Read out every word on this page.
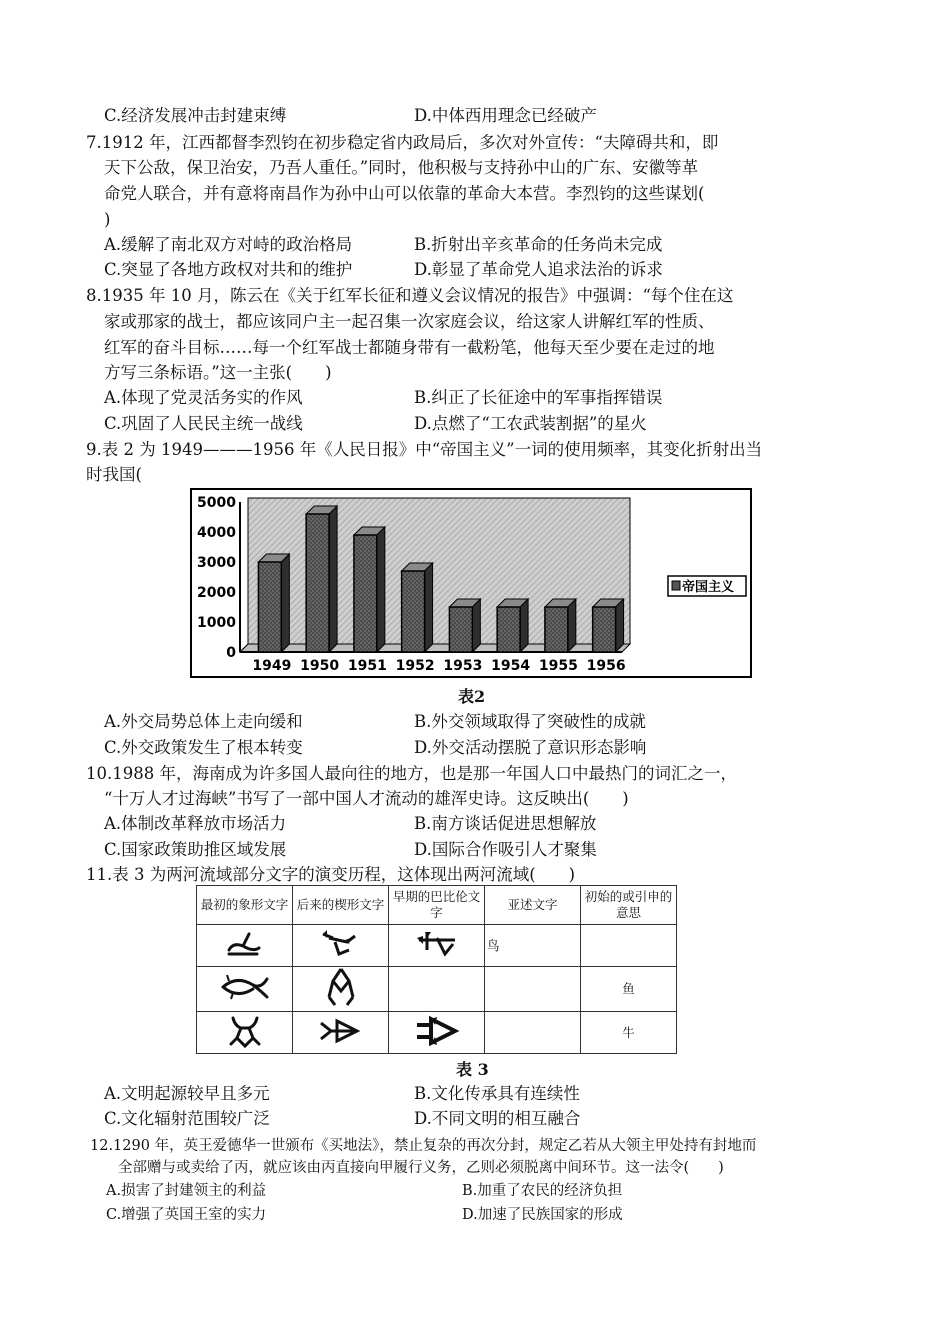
C.经济发展冲击封建束缚	D.中体西用理念已经破产
7.1912 年，江西都督李烈钧在初步稳定省内政局后，多次对外宣传：“夫障碍共和，即
天下公敌，保卫治安，乃吾人重任。”同时，他积极与支持孙中山的广东、安徽等革
命党人联合，并有意将南昌作为孙中山可以依靠的革命大本营。李烈钧的这些谋划(
)
A.缓解了南北双方对峙的政治格局	B.折射出辛亥革命的任务尚未完成
C.突显了各地方政权对共和的维护	D.彰显了革命党人追求法治的诉求
8.1935 年 10 月，陈云在《关于红军长征和遵义会议情况的报告》中强调：“每个住在这
家或那家的战士，都应该同户主一起召集一次家庭会议，给这家人讲解红军的性质、
红军的奋斗目标……每一个红军战士都随身带有一截粉笔，他每天至少要在走过的地
方写三条标语。”这一主张(　　)
A.体现了党灵活务实的作风	B.纠正了长征途中的军事指挥错误
C.巩固了人民民主统一战线	D.点燃了“工农武装割据”的星火
9.表 2 为 1949———1956 年《人民日报》中“帝国主义”一词的使用频率，其变化折射出当
时我国(
0
1000
2000
3000
4000
5000
1949 1950 1951 1952 1953 1954 1955 1956
帝国主义
表2
A.外交局势总体上走向缓和	B.外交领域取得了突破性的成就
C.外交政策发生了根本转变	D.外交活动摆脱了意识形态影响
10.1988 年，海南成为许多国人最向往的地方，也是那一年国人口中最热门的词汇之一，
“十万人才过海峡”书写了一部中国人才流动的雄浑史诗。这反映出(　　)
A.体制改革释放市场活力	B.南方谈话促进思想解放
C.国家政策助推区域发展	D.国际合作吸引人才聚集
11.表 3 为两河流域部分文字的演变历程，这体现出两河流域(　　)
最初的象形文字	后来的楔形文字	早期的巴比伦文字	亚述文字	初始的或引申的意思
			鸟	
				鱼
				牛
表 3
A.文明起源较早且多元	B.文化传承具有连续性
C.文化辐射范围较广泛	D.不同文明的相互融合
12.1290 年，英王爱德华一世颁布《买地法》，禁止复杂的再次分封，规定乙若从大领主甲处持有封地而
全部赠与或卖给了丙，就应该由丙直接向甲履行义务，乙则必须脱离中间环节。这一法令(　　)
A.损害了封建领主的利益	B.加重了农民的经济负担
C.增强了英国王室的实力	D.加速了民族国家的形成
